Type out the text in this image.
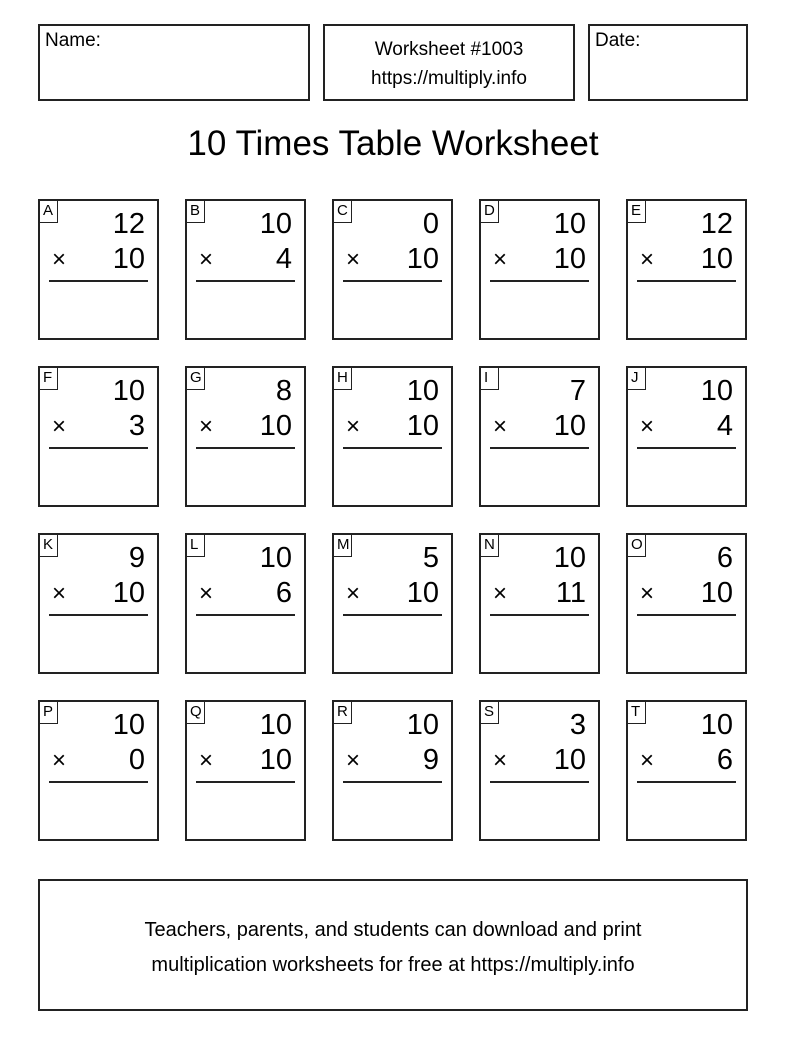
Name:	Worksheet #1003
https://multiply.info
Date:
10 Times Table Worksheet
A 12
× 10
B 10
× 4
C	0
× 10
D 10
× 10
E 12
× 10
F 10
× 3
G	8
× 10
H 10
× 10
I	7
× 10
J 10
× 4
K	9
× 10
L 10
× 6
M	5
× 10
N 10
× 11
O	6
× 10
P 10
× 0
Q 10
× 10
R 10
× 9
S	3
× 10
T 10
× 6
Teachers, parents, and students can download and print
multiplication worksheets for free at https://multiply.info
